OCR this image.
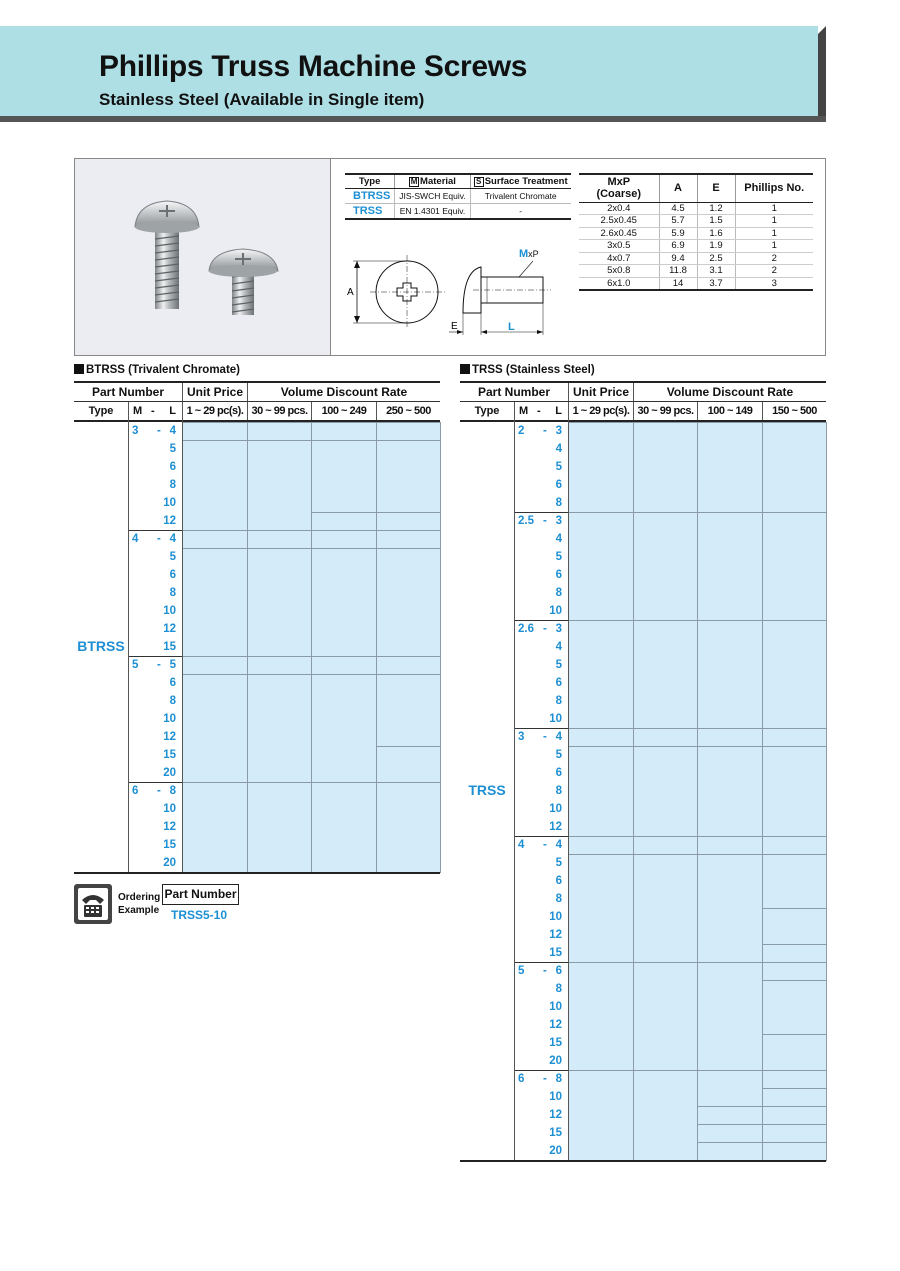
Phillips Truss Machine Screws
Stainless Steel (Available in Single item)
Type	M Material	S Surface Treatment
BTRSS	JIS-SWCH Equiv.	Trivalent Chromate
TRSS	EN 1.4301 Equiv.	-
A
MxP
E	L
MxP (Coarse)	A	E	Phillips No.
2x0.4	4.5	1.2	1
2.5x0.45	5.7	1.5	1
2.6x0.45	5.9	1.6	1
3x0.5	6.9	1.9	1
4x0.7	9.4	2.5	2
5x0.8	11.8	3.1	2
6x1.0	14	3.7	3
BTRSS (Trivalent Chromate)
Part Number	Unit Price	Volume Discount Rate
Type	M - L 1 ~ 29 pc(s). 30 ~ 99 pcs.	100 ~ 249	250 ~ 500
3 - 4
5
6
8
10
12
4 - 4
5
6
8
10
12
15
5 - 5
6
8
10
12
15
20
6 - 8
10
12
15
20
BTRSS
TRSS (Stainless Steel)
Part Number	Unit Price	Volume Discount Rate
Type	M - L 1 ~ 29 pc(s). 30 ~ 99 pcs.	100 ~ 149	150 ~ 500
2 - 3
4
5
6
8
2.5 - 3
4
5
6
8
10
2.6 - 3
4
5
6
8
10
3 - 4
5
6
8
10
12
4 - 4
5
6
8
10
12
15
5 - 6
8
10
12
15
20
6 - 8
10
12
15
20
TRSS
Ordering
Example
Part Number
TRSS5-10
